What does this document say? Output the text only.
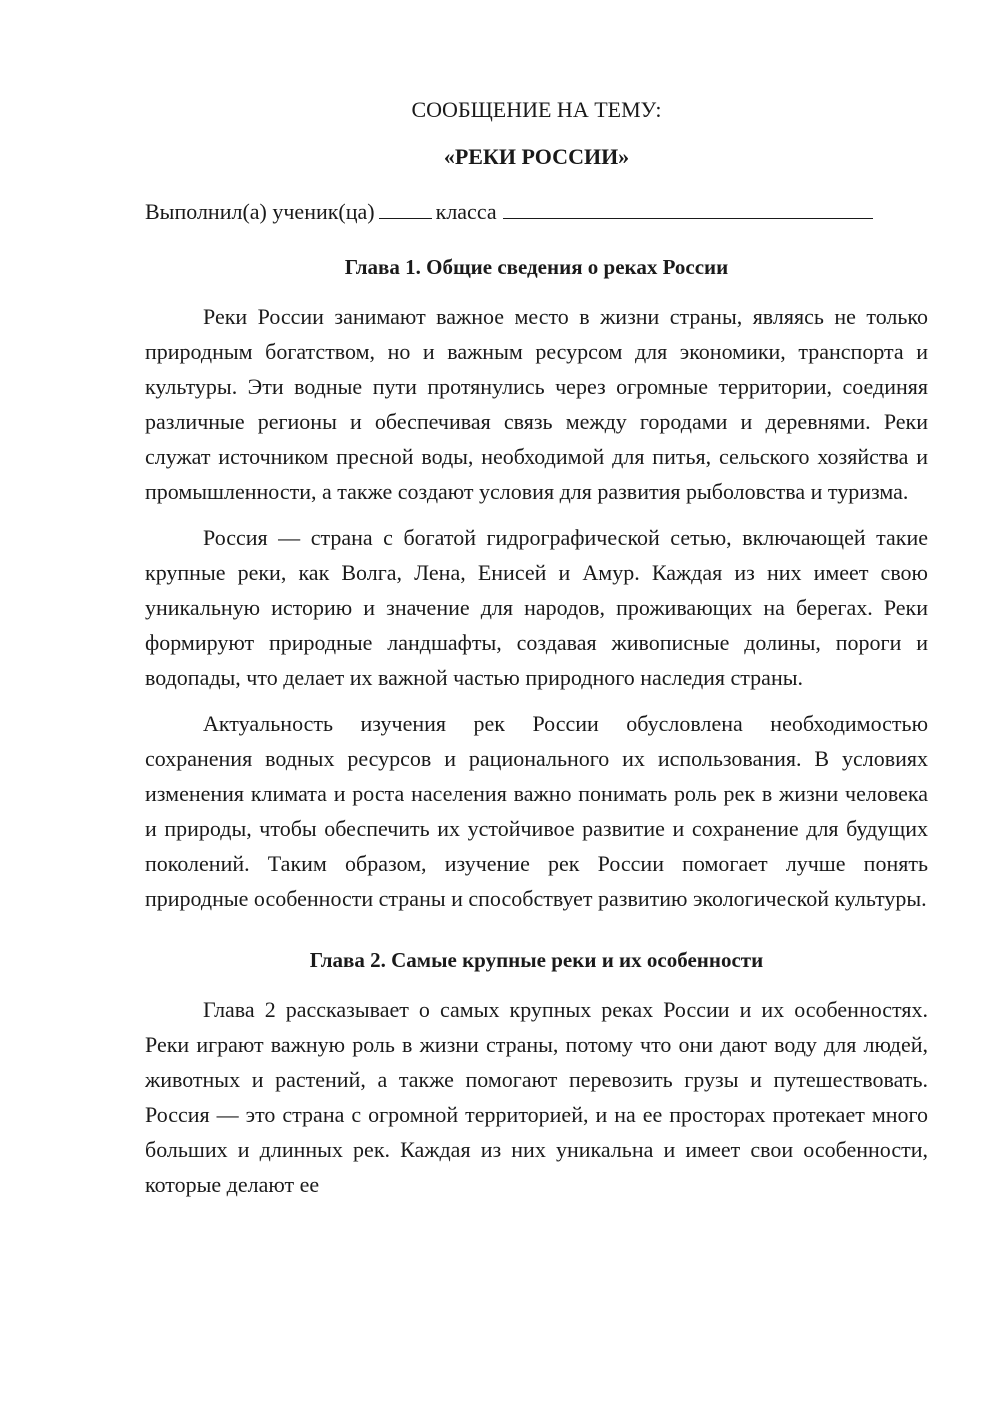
СООБЩЕНИЕ НА ТЕМУ:

«РЕКИ РОССИИ»

Выполнил(а) ученик(ца)	класса

Глава 1. Общие сведения о реках России

Реки России занимают важное место в жизни страны, являясь не только природным богатством, но и важным ресурсом для экономики, транспорта и культуры. Эти водные пути протянулись через огромные территории, соединяя различные регионы и обеспечивая связь между городами и деревнями. Реки служат источником пресной воды, необходимой для питья, сельского хозяйства и промышленности, а также создают условия для развития рыболовства и туризма.

Россия — страна с богатой гидрографической сетью, включающей такие крупные реки, как Волга, Лена, Енисей и Амур. Каждая из них имеет свою уникальную историю и значение для народов, проживающих на берегах. Реки формируют природные ландшафты, создавая живописные долины, пороги и водопады, что делает их важной частью природного наследия страны.

Актуальность изучения рек России обусловлена необходимостью сохранения водных ресурсов и рационального их использования. В условиях изменения климата и роста населения важно понимать роль рек в жизни человека и природы, чтобы обеспечить их устойчивое развитие и сохранение для будущих поколений. Таким образом, изучение рек России помогает лучше понять природные особенности страны и способствует развитию экологической культуры.

Глава 2. Самые крупные реки и их особенности

Глава 2 рассказывает о самых крупных реках России и их особенностях. Реки играют важную роль в жизни страны, потому что они дают воду для людей, животных и растений, а также помогают перевозить грузы и путешествовать. Россия — это страна с огромной территорией, и на ее просторах протекает много больших и длинных рек. Каждая из них уникальна и имеет свои особенности, которые делают ее
